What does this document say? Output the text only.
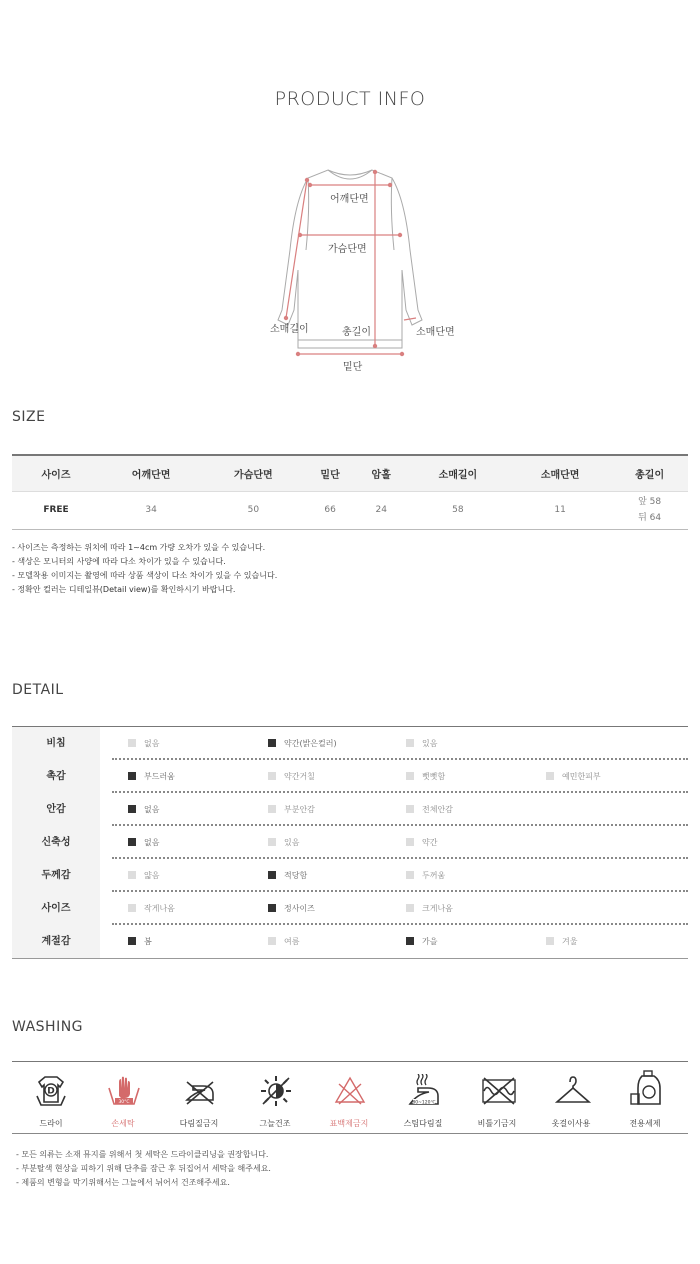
PRODUCT INFO
어깨단면
가슴단면
소매길이	총길이	소매단면
밑단
SIZE
사이즈	어깨단면	가슴단면	밑단	암홀	소매길이	소매단면	총길이
FREE	34	50	66	24	58	11	앞 58
뒤 64
- 사이즈는 측정하는 위치에 따라 1~4cm 가량 오차가 있을 수 있습니다.
- 색상은 모니터의 사양에 따라 다소 차이가 있을 수 있습니다.
- 모델착용 이미지는 촬영에 따라 상품 색상이 다소 차이가 있을 수 있습니다.
- 정확안 컬러는 디테일뷰(Detail view)를 확인하시기 바랍니다.
DETAIL
비침	없음	약간(밝은컬러)	있음
촉감	부드러움	약간거칠	뻣뻣함	예민한피부
안감	없음	부분안감	전체안감
신축성	없음	있음	약간
두께감	얇음	적당함	두꺼움
사이즈	작게나옴	정사이즈	크게나옴
계절감	봄	여름	가을	겨울
WASHING
D
드라이
30°C
손세탁	다림질금지	그늘건조	표백제금지
80~120℃
스팀다림질	비틀기금지	옷걸이사용	전용세제
- 모든 의류는 소재 뮤지를 위해서 첫 세탁은 드라이클리닝을 권장합니다.
- 부분탈색 현상을 피하기 위해 단추를 잠근 후 뒤집어서 세탁을 해주세요.
- 제품의 변형을 막기위해서는 그늘에서 뉘어서 건조해주세요.
